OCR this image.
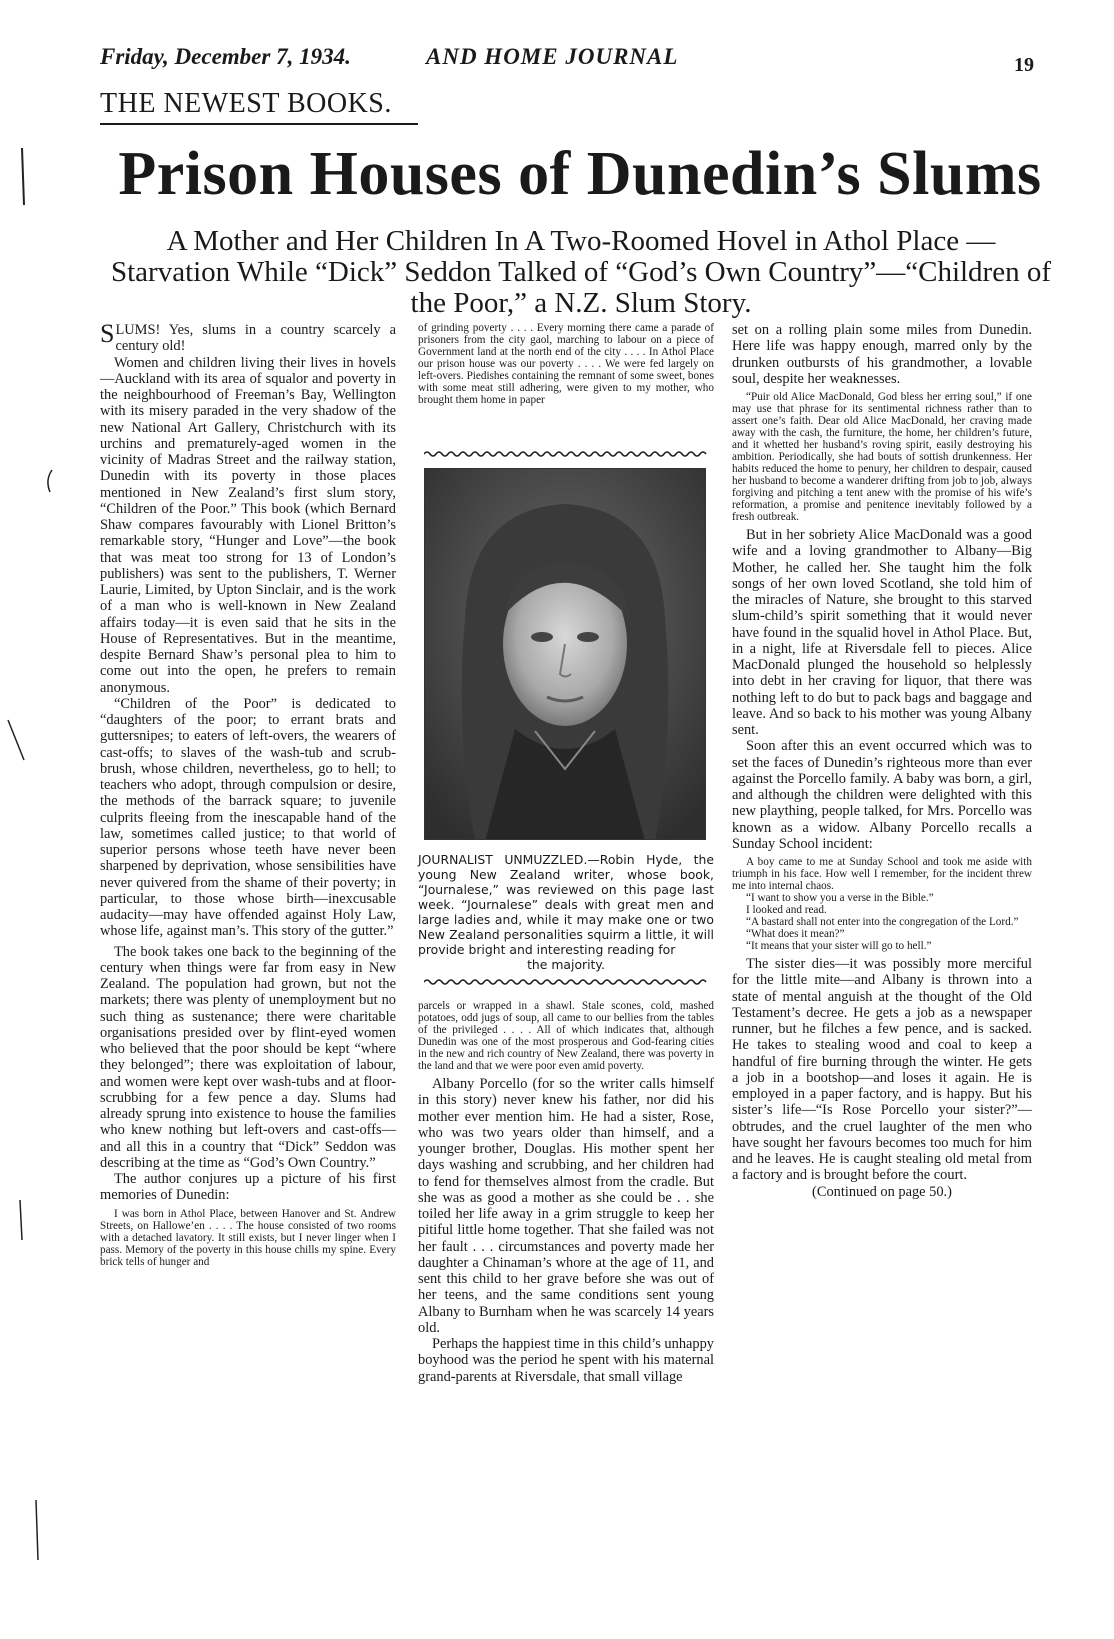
Friday, December 7, 1934.	AND HOME JOURNAL	19
THE NEWEST BOOKS.
Prison Houses of Dunedin’s Slums
A Mother and Her Children In A Two-Roomed Hovel in Athol Place —Starvation While “Dick” Seddon Talked of “God’s Own Country”—“Children of the Poor,” a N.Z. Slum Story.

SLUMS! Yes, slums in a country scarcely a century old!

Women and children living their lives in hovels—Auckland with its area of squalor and poverty in the neighbourhood of Freeman’s Bay, Wellington with its misery paraded in the very shadow of the new National Art Gallery, Christchurch with its urchins and prematurely-aged women in the vicinity of Madras Street and the railway station, Dunedin with its poverty in those places mentioned in New Zealand’s first slum story, “Children of the Poor.” This book (which Bernard Shaw compares favourably with Lionel Britton’s remarkable story, “Hunger and Love”—the book that was meat too strong for 13 of London’s publishers) was sent to the publishers, T. Werner Laurie, Limited, by Upton Sinclair, and is the work of a man who is well-known in New Zealand affairs today—it is even said that he sits in the House of Representatives. But in the meantime, despite Bernard Shaw’s personal plea to him to come out into the open, he prefers to remain anonymous.

“Children of the Poor” is dedicated to “daughters of the poor; to errant brats and guttersnipes; to eaters of left-overs, the wearers of cast-offs; to slaves of the wash-tub and scrub-brush, whose children, nevertheless, go to hell; to teachers who adopt, through compulsion or desire, the methods of the barrack square; to juvenile culprits fleeing from the inescapable hand of the law, sometimes called justice; to that world of superior persons whose teeth have never been sharpened by deprivation, whose sensibilities have never quivered from the shame of their poverty; in particular, to those whose birth—inexcusable audacity—may have offended against Holy Law, whose life, against man’s. This story of the gutter.”

The book takes one back to the beginning of the century when things were far from easy in New Zealand. The population had grown, but not the markets; there was plenty of unemployment but no such thing as sustenance; there were charitable organisations presided over by flint-eyed women who believed that the poor should be kept “where they belonged”; there was exploitation of labour, and women were kept over wash-tubs and at floor-scrubbing for a few pence a day. Slums had already sprung into existence to house the families who knew nothing but left-overs and cast-offs—and all this in a country that “Dick” Seddon was describing at the time as “God’s Own Country.”

The author conjures up a picture of his first memories of Dunedin:

I was born in Athol Place, between Hanover and St. Andrew Streets, on Hallowe’en . . . . The house consisted of two rooms with a detached lavatory. It still exists, but I never linger when I pass. Memory of the poverty in this house chills my spine. Every brick tells of hunger and

of grinding poverty . . . . Every morning there came a parade of prisoners from the city gaol, marching to labour on a piece of Government land at the north end of the city . . . . In Athol Place our prison house was our poverty . . . . We were fed largely on left-overs. Piedishes containing the remnant of some sweet, bones with some meat still adhering, were given to my mother, who brought them home in paper

JOURNALIST UNMUZZLED.—Robin Hyde, the young New Zealand writer, whose book, “Journalese,” was reviewed on this page last week. “Journalese” deals with great men and large ladies and, while it may make one or two New Zealand personalities squirm a little, it will provide bright and interesting reading for
the majority.

parcels or wrapped in a shawl. Stale scones, cold, mashed potatoes, odd jugs of soup, all came to our bellies from the tables of the privileged . . . . All of which indicates that, although Dunedin was one of the most prosperous and God-fearing cities in the new and rich country of New Zealand, there was poverty in the land and that we were poor even amid poverty.

Albany Porcello (for so the writer calls himself in this story) never knew his father, nor did his mother ever mention him. He had a sister, Rose, who was two years older than himself, and a younger brother, Douglas. His mother spent her days washing and scrubbing, and her children had to fend for themselves almost from the cradle. But she was as good a mother as she could be . . she toiled her life away in a grim struggle to keep her pitiful little home together. That she failed was not her fault . . . circumstances and poverty made her daughter a Chinaman’s whore at the age of 11, and sent this child to her grave before she was out of her teens, and the same conditions sent young Albany to Burnham when he was scarcely 14 years old.

Perhaps the happiest time in this child’s unhappy boyhood was the period he spent with his maternal grand-parents at Riversdale, that small village

set on a rolling plain some miles from Dunedin. Here life was happy enough, marred only by the drunken outbursts of his grandmother, a lovable soul, despite her weaknesses.

“Puir old Alice MacDonald, God bless her erring soul,” if one may use that phrase for its sentimental richness rather than to assert one’s faith. Dear old Alice MacDonald, her craving made away with the cash, the furniture, the home, her children’s future, and it whetted her husband’s roving spirit, easily destroying his ambition. Periodically, she had bouts of sottish drunkenness. Her habits reduced the home to penury, her children to despair, caused her husband to become a wanderer drifting from job to job, always forgiving and pitching a tent anew with the promise of his wife’s reformation, a promise and penitence inevitably followed by a fresh outbreak.

But in her sobriety Alice MacDonald was a good wife and a loving grandmother to Albany—Big Mother, he called her. She taught him the folk songs of her own loved Scotland, she told him of the miracles of Nature, she brought to this starved slum-child’s spirit something that it would never have found in the squalid hovel in Athol Place. But, in a night, life at Riversdale fell to pieces. Alice MacDonald plunged the household so helplessly into debt in her craving for liquor, that there was nothing left to do but to pack bags and baggage and leave. And so back to his mother was young Albany sent.

Soon after this an event occurred which was to set the faces of Dunedin’s righteous more than ever against the Porcello family. A baby was born, a girl, and although the children were delighted with this new plaything, people talked, for Mrs. Porcello was known as a widow. Albany Porcello recalls a Sunday School incident:

A boy came to me at Sunday School and took me aside with triumph in his face. How well I remember, for the incident threw me into internal chaos.

“I want to show you a verse in the Bible.”

I looked and read.

“A bastard shall not enter into the congregation of the Lord.”

“What does it mean?”

“It means that your sister will go to hell.”

The sister dies—it was possibly more merciful for the little mite—and Albany is thrown into a state of mental anguish at the thought of the Old Testament’s decree. He gets a job as a newspaper runner, but he filches a few pence, and is sacked. He takes to stealing wood and coal to keep a handful of fire burning through the winter. He gets a job in a bootshop—and loses it again. He is employed in a paper factory, and is happy. But his sister’s life—“Is Rose Porcello your sister?”—obtrudes, and the cruel laughter of the men who have sought her favours becomes too much for him and he leaves. He is caught stealing old metal from a factory and is brought before the court.

(Continued on page 50.)
